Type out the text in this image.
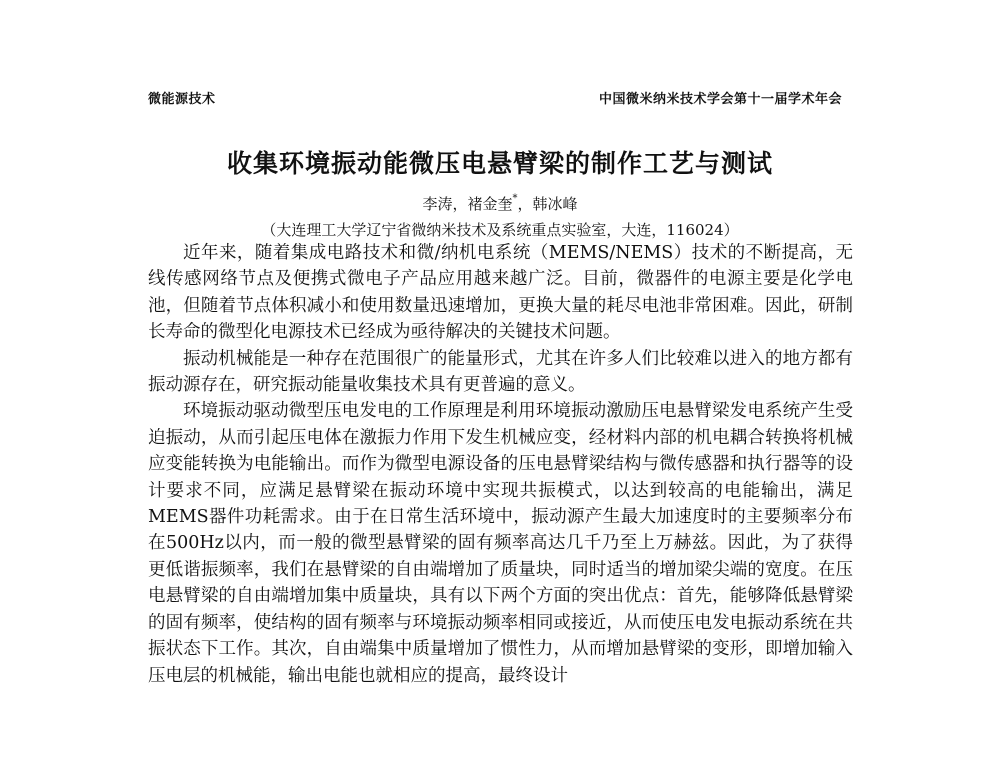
微能源技术	中国微米纳米技术学会第十一届学术年会
收集环境振动能微压电悬臂梁的制作工艺与测试
李涛，褚金奎*，韩冰峰
（大连理工大学辽宁省微纳米技术及系统重点实验室，大连，116024）

近年来，随着集成电路技术和微/纳机电系统（MEMS/NEMS）技术的不断提高，无线传感网络节点及便携式微电子产品应用越来越广泛。目前，微器件的电源主要是化学电池，但随着节点体积减小和使用数量迅速增加，更换大量的耗尽电池非常困难。因此，研制长寿命的微型化电源技术已经成为亟待解决的关键技术问题。

振动机械能是一种存在范围很广的能量形式，尤其在许多人们比较难以进入的地方都有振动源存在，研究振动能量收集技术具有更普遍的意义。

环境振动驱动微型压电发电的工作原理是利用环境振动激励压电悬臂梁发电系统产生受迫振动，从而引起压电体在激振力作用下发生机械应变，经材料内部的机电耦合转换将机械应变能转换为电能输出。而作为微型电源设备的压电悬臂梁结构与微传感器和执行器等的设计要求不同，应满足悬臂梁在振动环境中实现共振模式，以达到较高的电能输出，满足MEMS器件功耗需求。由于在日常生活环境中，振动源产生最大加速度时的主要频率分布在500Hz以内，而一般的微型悬臂梁的固有频率高达几千乃至上万赫兹。因此，为了获得更低谐振频率，我们在悬臂梁的自由端增加了质量块，同时适当的增加梁尖端的宽度。在压电悬臂梁的自由端增加集中质量块，具有以下两个方面的突出优点：首先，能够降低悬臂梁的固有频率，使结构的固有频率与环境振动频率相同或接近，从而使压电发电振动系统在共振状态下工作。其次，自由端集中质量增加了惯性力，从而增加悬臂梁的变形，即增加输入压电层的机械能，输出电能也就相应的提高，最终设计
